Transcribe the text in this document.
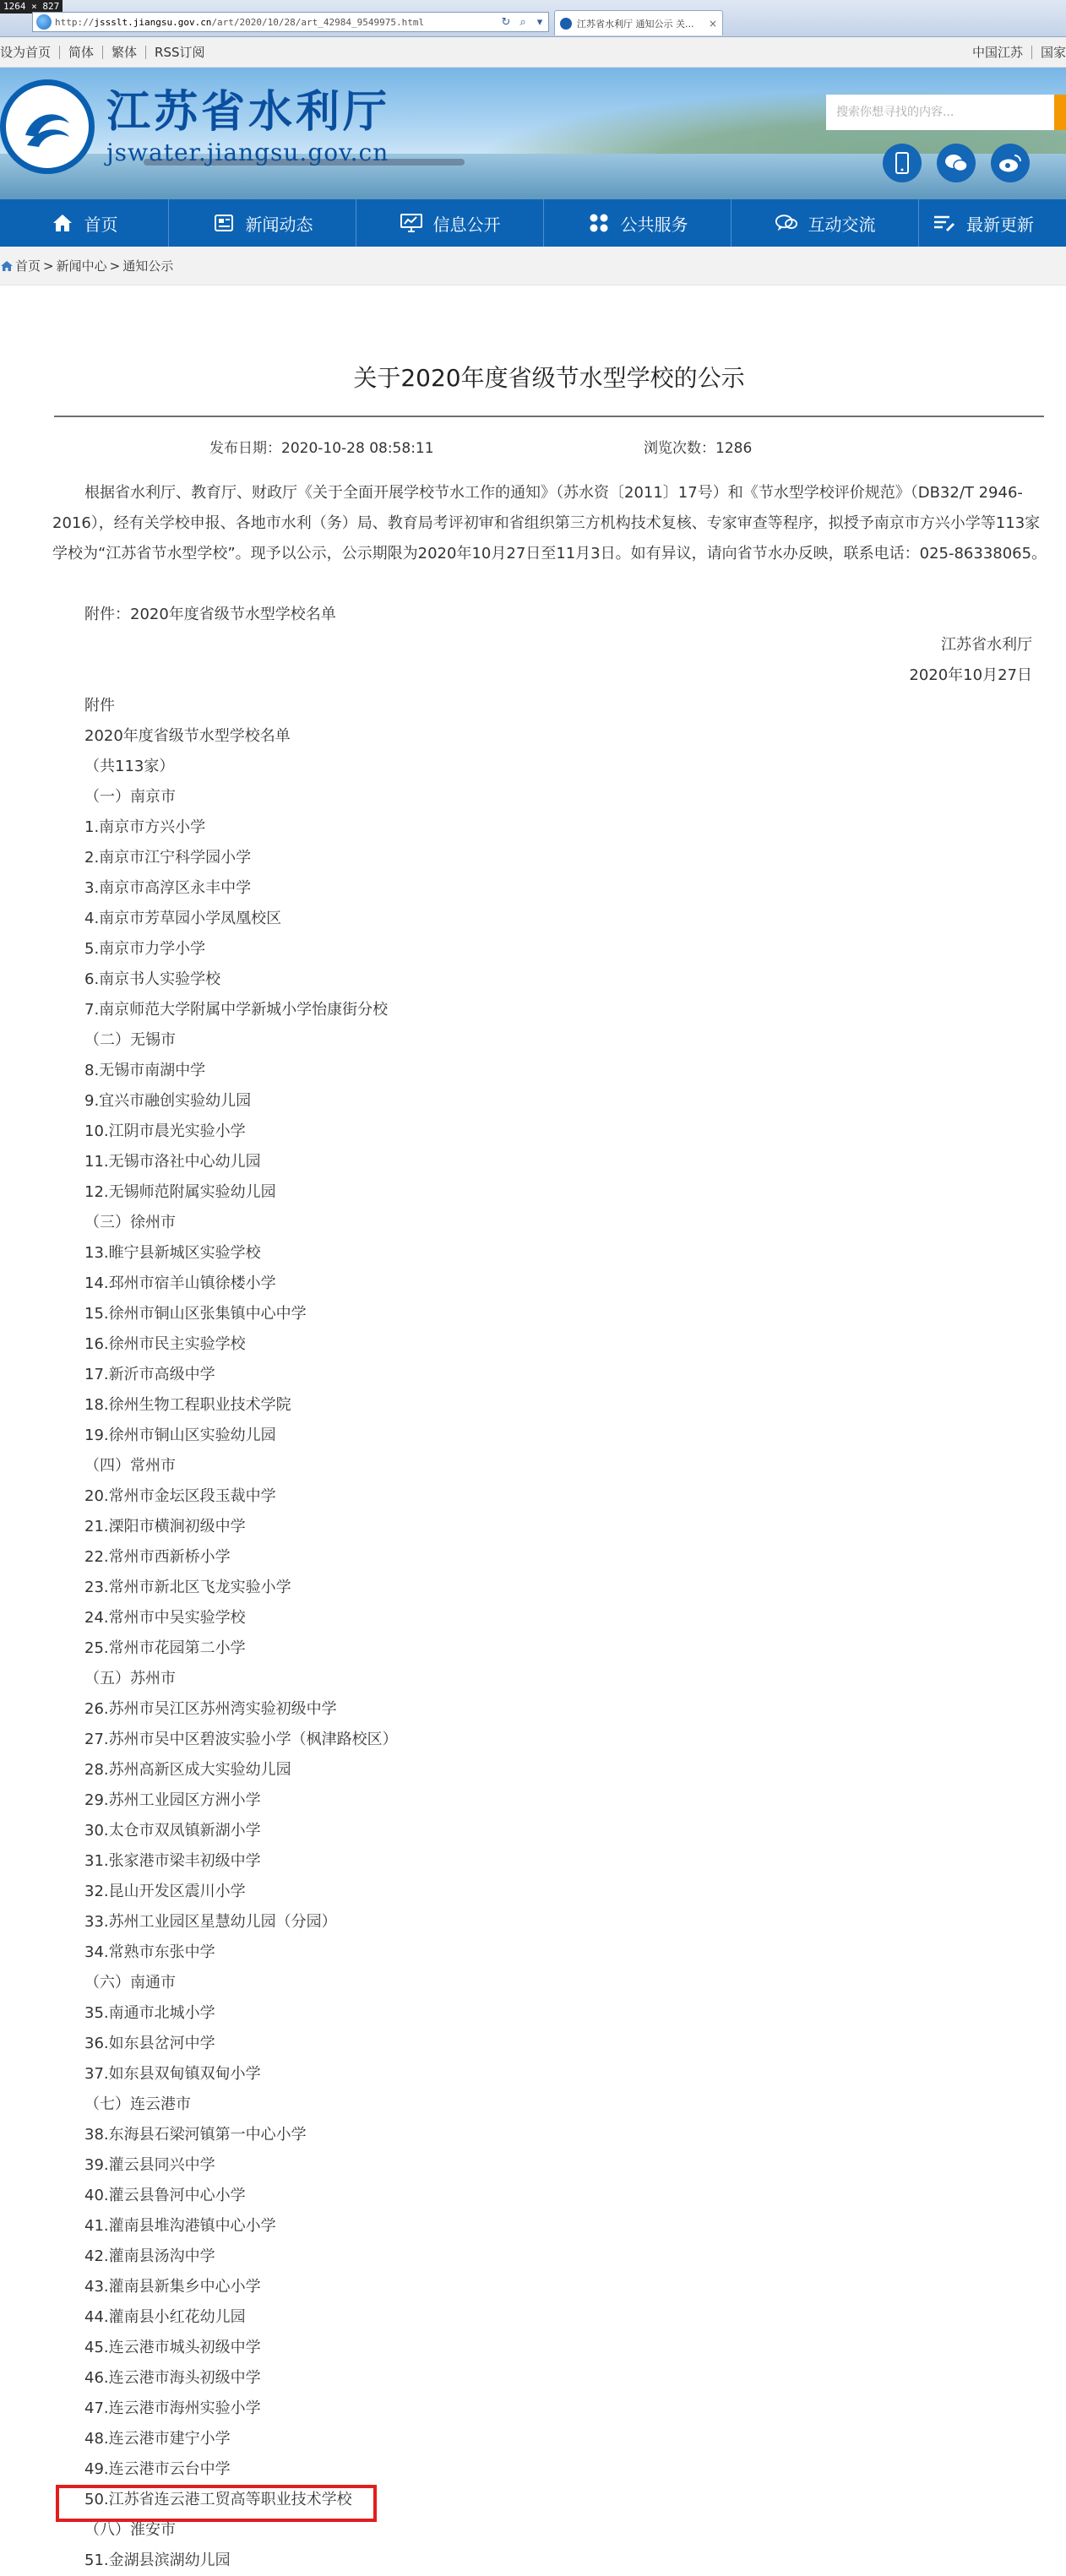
1264 × 827
http://jssslt.jiangsu.gov.cn/art/2020/10/28/art_42984_9549975.html	↻ ⌕	▾	江苏省水利厅 通知公示 关...	×
设为首页	简体	繁体	RSS订阅	中国江苏	国家
江苏省水利厅
jswater.jiangsu.gov.cn
搜索你想寻找的内容...
首页	新闻动态	信息公开	公共服务	互动交流	最新更新
首页 > 新闻中心 > 通知公示
关于2020年度省级节水型学校的公示
发布日期：2020-10-28 08:58:11	浏览次数：1286

根据省水利厅、教育厅、财政厅《关于全面开展学校节水工作的通知》（苏水资〔2011〕17号）和《节水型学校评价规范》（DB32/T 2946-2016），经有关学校申报、各地市水利（务）局、教育局考评初审和省组织第三方机构技术复核、专家审查等程序，拟授予南京市方兴小学等113家学校为“江苏省节水型学校”。现予以公示，公示期限为2020年10月27日至11月3日。如有异议，请向省节水办反映，联系电话：025-86338065。

附件：2020年度省级节水型学校名单
江苏省水利厅
2020年10月27日
附件
2020年度省级节水型学校名单
（共113家）
（一）南京市
1.南京市方兴小学
2.南京市江宁科学园小学
3.南京市高淳区永丰中学
4.南京市芳草园小学凤凰校区
5.南京市力学小学
6.南京书人实验学校
7.南京师范大学附属中学新城小学怡康街分校
（二）无锡市
8.无锡市南湖中学
9.宜兴市融创实验幼儿园
10.江阴市晨光实验小学
11.无锡市洛社中心幼儿园
12.无锡师范附属实验幼儿园
（三）徐州市
13.睢宁县新城区实验学校
14.邳州市宿羊山镇徐楼小学
15.徐州市铜山区张集镇中心中学
16.徐州市民主实验学校
17.新沂市高级中学
18.徐州生物工程职业技术学院
19.徐州市铜山区实验幼儿园
（四）常州市
20.常州市金坛区段玉裁中学
21.溧阳市横涧初级中学
22.常州市西新桥小学
23.常州市新北区飞龙实验小学
24.常州市中吴实验学校
25.常州市花园第二小学
（五）苏州市
26.苏州市吴江区苏州湾实验初级中学
27.苏州市吴中区碧波实验小学（枫津路校区）
28.苏州高新区成大实验幼儿园
29.苏州工业园区方洲小学
30.太仓市双凤镇新湖小学
31.张家港市梁丰初级中学
32.昆山开发区震川小学
33.苏州工业园区星慧幼儿园（分园）
34.常熟市东张中学
（六）南通市
35.南通市北城小学
36.如东县岔河中学
37.如东县双甸镇双甸小学
（七）连云港市
38.东海县石梁河镇第一中心小学
39.灌云县同兴中学
40.灌云县鲁河中心小学
41.灌南县堆沟港镇中心小学
42.灌南县汤沟中学
43.灌南县新集乡中心小学
44.灌南县小红花幼儿园
45.连云港市城头初级中学
46.连云港市海头初级中学
47.连云港市海州实验小学
48.连云港市建宁小学
49.连云港市云台中学
50.江苏省连云港工贸高等职业技术学校
（八）淮安市
51.金湖县滨湖幼儿园
